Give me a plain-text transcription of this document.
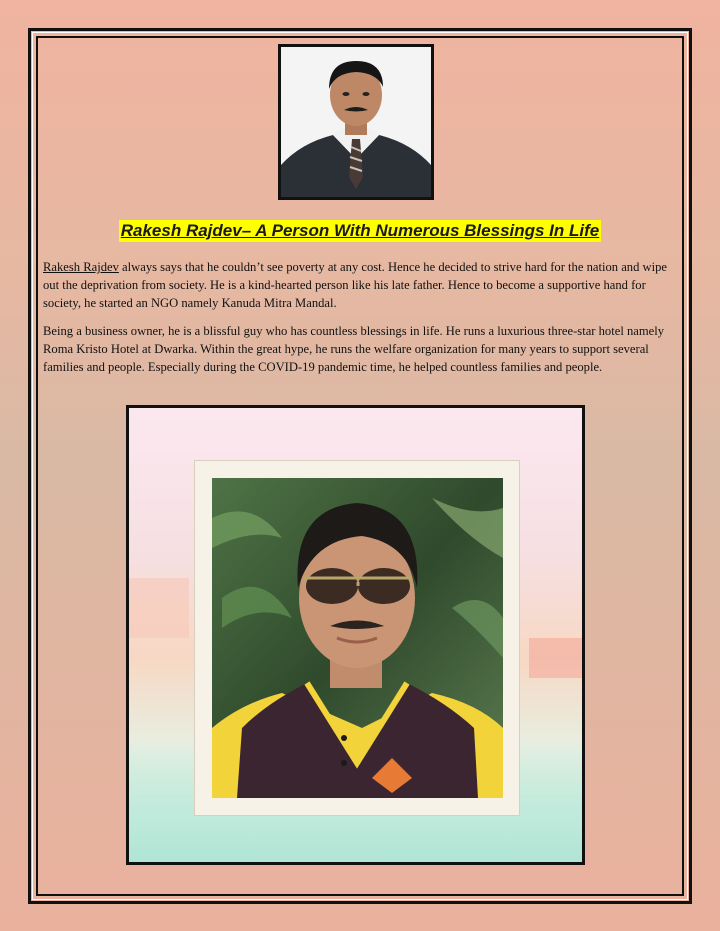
Rakesh Rajdev– A Person With Numerous Blessings In Life

Rakesh Rajdev always says that he couldn’t see poverty at any cost. Hence he decided to strive hard for the nation and wipe out the deprivation from society. He is a kind-hearted person like his late father. Hence to become a supportive hand for society, he started an NGO namely Kanuda Mitra Mandal.

Being a business owner, he is a blissful guy who has countless blessings in life. He runs a luxurious three-star hotel namely Roma Kristo Hotel at Dwarka. Within the great hype, he runs the welfare organization for many years to support several families and people. Especially during the COVID-19 pandemic time, he helped countless families and people.
